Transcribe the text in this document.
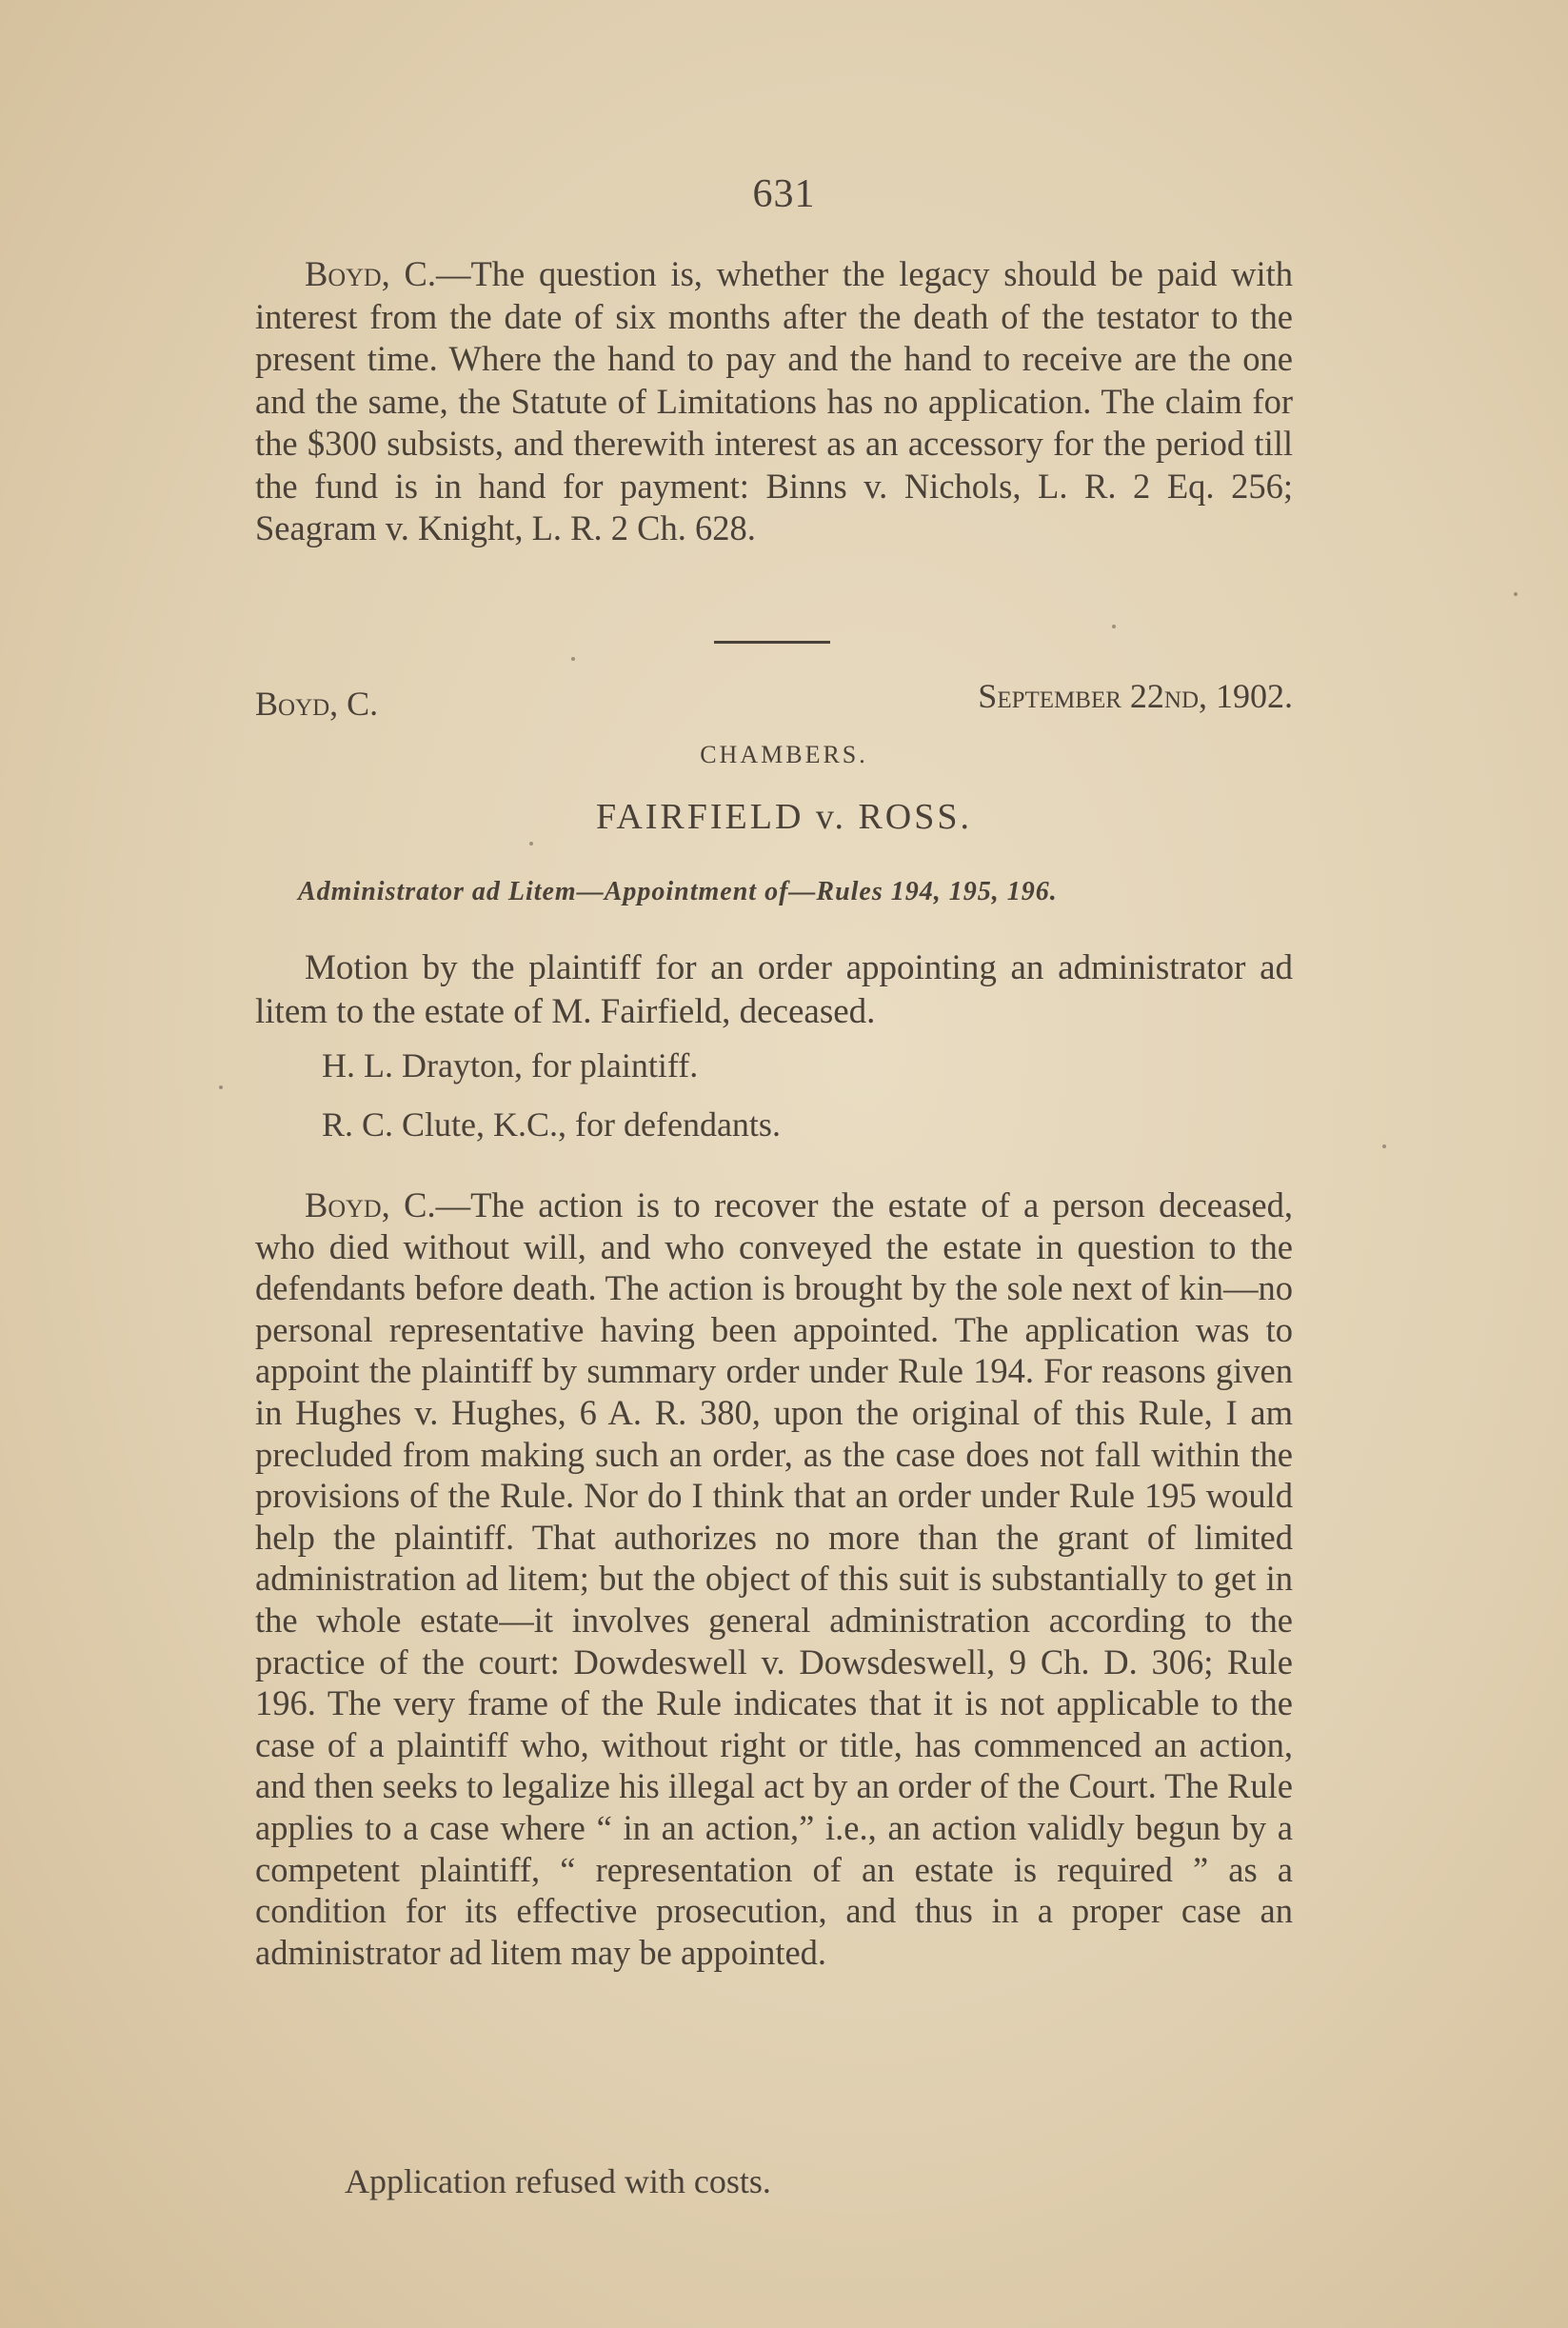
631

Boyd, C.—The question is, whether the legacy should be paid with interest from the date of six months after the death of the testator to the present time. Where the hand to pay and the hand to receive are the one and the same, the Statute of Limitations has no application. The claim for the $300 subsists, and therewith interest as an accessory for the period till the fund is in hand for payment: Binns v. Nichols, L. R. 2 Eq. 256; Seagram v. Knight, L. R. 2 Ch. 628.

Boyd, C.	September 22nd, 1902.
CHAMBERS.
FAIRFIELD v. ROSS.
Administrator ad Litem—Appointment of—Rules 194, 195, 196.

Motion by the plaintiff for an order appointing an administrator ad litem to the estate of M. Fairfield, deceased.

H. L. Drayton, for plaintiff.
R. C. Clute, K.C., for defendants.

Boyd, C.—The action is to recover the estate of a person deceased, who died without will, and who conveyed the estate in question to the defendants before death. The action is brought by the sole next of kin—no personal representative having been appointed. The application was to appoint the plaintiff by summary order under Rule 194. For reasons given in Hughes v. Hughes, 6 A. R. 380, upon the original of this Rule, I am precluded from making such an order, as the case does not fall within the provisions of the Rule. Nor do I think that an order under Rule 195 would help the plaintiff. That authorizes no more than the grant of limited administration ad litem; but the object of this suit is substantially to get in the whole estate—it involves general administration according to the practice of the court: Dowdeswell v. Dowsdeswell, 9 Ch. D. 306; Rule 196. The very frame of the Rule indicates that it is not applicable to the case of a plaintiff who, without right or title, has commenced an action, and then seeks to legalize his illegal act by an order of the Court. The Rule applies to a case where “ in an action,” i.e., an action validly begun by a competent plaintiff, “ representation of an estate is required ” as a condition for its effective prosecution, and thus in a proper case an administrator ad litem may be appointed.

Application refused with costs.
